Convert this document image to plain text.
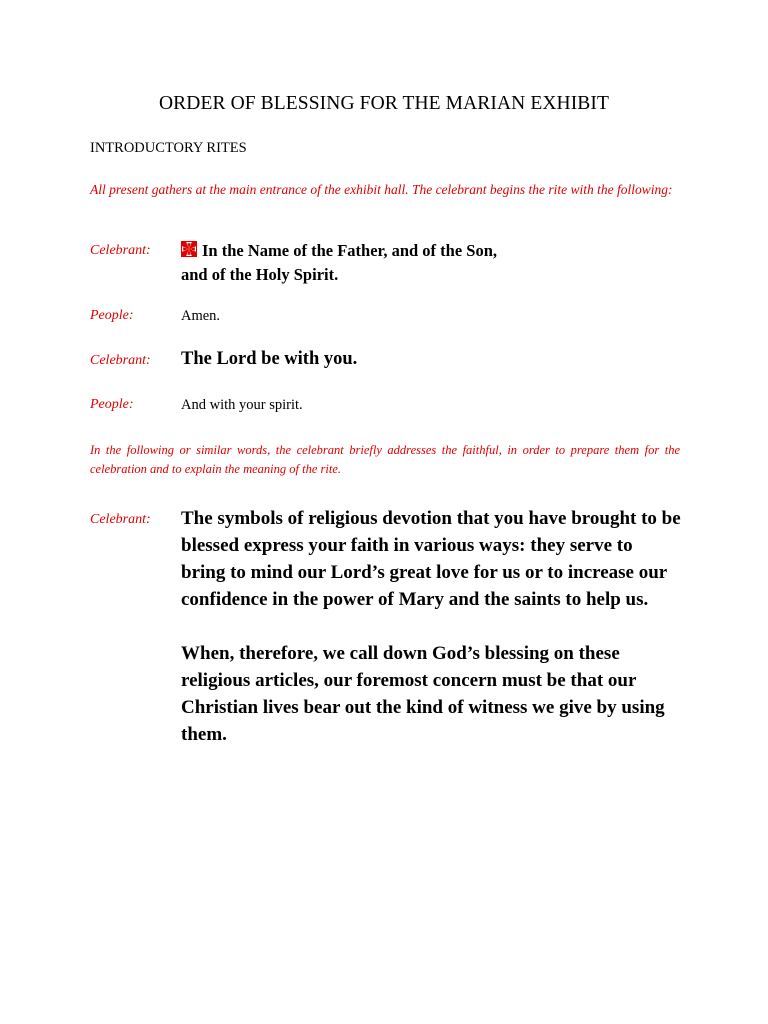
ORDER OF BLESSING FOR THE MARIAN EXHIBIT
INTRODUCTORY RITES
All present gathers at the main entrance of the exhibit hall. The celebrant begins the rite with the following:
Celebrant:	In the Name of the Father, and of the Son,
and of the Holy Spirit.
People:	Amen.
Celebrant: The Lord be with you.
People:	And with your spirit.
In the following or similar words, the celebrant briefly addresses the faithful, in order to prepare them for the celebration and to explain the meaning of the rite.
Celebrant: The symbols of religious devotion that you have brought to be blessed express your faith in various ways: they serve to bring to mind our Lord’s great love for us or to increase our confidence in the power of Mary and the saints to help us.

When, therefore, we call down God’s blessing on these religious articles, our foremost concern must be that our Christian lives bear out the kind of witness we give by using them.
